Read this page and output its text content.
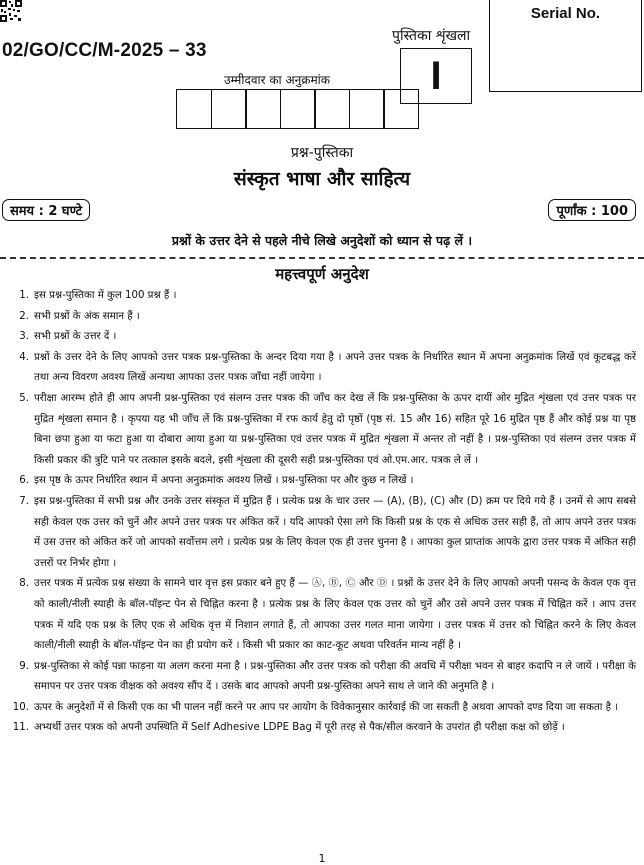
02/GO/CC/M-2025 – 33
Serial No.
पुस्तिका शृंखला
I
उम्मीदवार का अनुक्रमांक
प्रश्न-पुस्तिका
संस्कृत भाषा और साहित्य
समय : 2 घण्टे	पूर्णांक : 100
प्रश्नों के उत्तर देने से पहले नीचे लिखे अनुदेशों को ध्यान से पढ़ लें ।
महत्त्वपूर्ण अनुदेश
1. इस प्रश्न-पुस्तिका में कुल 100 प्रश्न हैं ।
2. सभी प्रश्नों के अंक समान हैं ।
3. सभी प्रश्नों के उत्तर दें ।
4. प्रश्नों के उत्तर देने के लिए आपको उत्तर पत्रक प्रश्न-पुस्तिका के अन्दर दिया गया है । अपने उत्तर पत्रक के निर्धारित स्थान में अपना अनुक्रमांक लिखें एवं कूटबद्ध करें तथा अन्य विवरण अवश्य लिखें अन्यथा आपका उत्तर पत्रक जाँचा नहीं जायेगा ।
5. परीक्षा आरम्भ होते ही आप अपनी प्रश्न-पुस्तिका एवं संलग्न उत्तर पत्रक की जाँच कर देख लें कि प्रश्न-पुस्तिका के ऊपर दायीं ओर मुद्रित शृंखला एवं उत्तर पत्रक पर मुद्रित शृंखला समान है । कृपया यह भी जाँच लें कि प्रश्न-पुस्तिका में रफ कार्य हेतु दो पृष्ठों (पृष्ठ सं. 15 और 16) सहित पूरे 16 मुद्रित पृष्ठ हैं और कोई प्रश्न या पृष्ठ बिना छपा हुआ या फटा हुआ या दोबारा आया हुआ या प्रश्न-पुस्तिका एवं उत्तर पत्रक में मुद्रित शृंखला में अन्तर तो नहीं है । प्रश्न-पुस्तिका एवं संलग्न उत्तर पत्रक में किसी प्रकार की त्रुटि पाने पर तत्काल इसके बदले, इसी शृंखला की दूसरी सही प्रश्न-पुस्तिका एवं ओ.एम.आर. पत्रक ले लें ।
6. इस पृष्ठ के ऊपर निर्धारित स्थान में अपना अनुक्रमांक अवश्य लिखें । प्रश्न-पुस्तिका पर और कुछ न लिखें ।
7. इस प्रश्न-पुस्तिका में सभी प्रश्न और उनके उत्तर संस्कृत में मुद्रित हैं । प्रत्येक प्रश्न के चार उत्तर — (A), (B), (C) और (D) क्रम पर दिये गये हैं । उनमें से आप सबसे सही केवल एक उत्तर को चुनें और अपने उत्तर पत्रक पर अंकित करें । यदि आपको ऐसा लगे कि किसी प्रश्न के एक से अधिक उत्तर सही हैं, तो आप अपने उत्तर पत्रक में उस उत्तर को अंकित करें जो आपको सर्वोत्तम लगे । प्रत्येक प्रश्न के लिए केवल एक ही उत्तर चुनना है । आपका कुल प्राप्तांक आपके द्वारा उत्तर पत्रक में अंकित सही उत्तरों पर निर्भर होगा ।
8. उत्तर पत्रक में प्रत्येक प्रश्न संख्या के सामने चार वृत्त इस प्रकार बने हुए हैं — Ⓐ, Ⓑ, Ⓒ और Ⓓ । प्रश्नों के उत्तर देने के लिए आपको अपनी पसन्द के केवल एक वृत्त को काली/नीली स्याही के बॉल-पॉइन्ट पेन से चिह्नित करना है । प्रत्येक प्रश्न के लिए केवल एक उत्तर को चुनें और उसे अपने उत्तर पत्रक में चिह्नित करें । आप उत्तर पत्रक में यदि एक प्रश्न के लिए एक से अधिक वृत्त में निशान लगाते हैं, तो आपका उत्तर गलत माना जायेगा । उत्तर पत्रक में उत्तर को चिह्नित करने के लिए केवल काली/नीली स्याही के बॉल-पॉइन्ट पेन का ही प्रयोग करें । किसी भी प्रकार का काट-कूट अथवा परिवर्तन मान्य नहीं है ।
9. प्रश्न-पुस्तिका से कोई पन्ना फाड़ना या अलग करना मना है । प्रश्न-पुस्तिका और उत्तर पत्रक को परीक्षा की अवधि में परीक्षा भवन से बाहर कदापि न ले जायें । परीक्षा के समापन पर उत्तर पत्रक वीक्षक को अवश्य सौंप दें । उसके बाद आपको अपनी प्रश्न-पुस्तिका अपने साथ ले जाने की अनुमति है ।
10. ऊपर के अनुदेशों में से किसी एक का भी पालन नहीं करने पर आप पर आयोग के विवेकानुसार कार्रवाई की जा सकती है अथवा आपको दण्ड दिया जा सकता है ।
11. अभ्यर्थी उत्तर पत्रक को अपनी उपस्थिति में Self Adhesive LDPE Bag में पूरी तरह से पैक/सील करवाने के उपरांत ही परीक्षा कक्ष को छोड़ें ।
1
